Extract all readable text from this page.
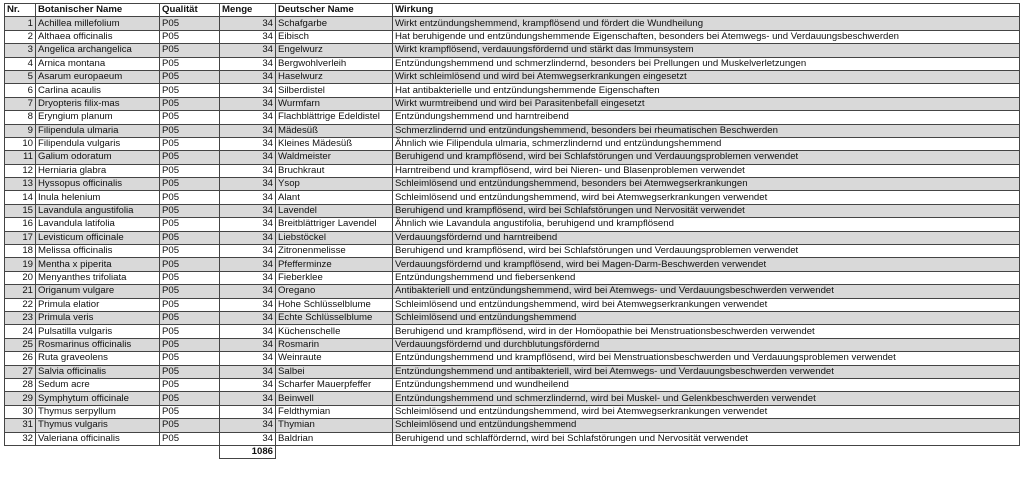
Nr.	Botanischer Name	Qualität	Menge	Deutscher Name	Wirkung
1	Achillea millefolium	P05	34	Schafgarbe	Wirkt entzündungshemmend, krampflösend und fördert die Wundheilung
2	Althaea officinalis	P05	34	Eibisch	Hat beruhigende und entzündungshemmende Eigenschaften, besonders bei Atemwegs- und Verdauungsbeschwerden
3	Angelica archangelica	P05	34	Engelwurz	Wirkt krampflösend, verdauungsfördernd und stärkt das Immunsystem
4	Arnica montana	P05	34	Bergwohlverleih	Entzündungshemmend und schmerzlindernd, besonders bei Prellungen und Muskelverletzungen
5	Asarum europaeum	P05	34	Haselwurz	Wirkt schleimlösend und wird bei Atemwegserkrankungen eingesetzt
6	Carlina acaulis	P05	34	Silberdistel	Hat antibakterielle und entzündungshemmende Eigenschaften
7	Dryopteris filix-mas	P05	34	Wurmfarn	Wirkt wurmtreibend und wird bei Parasitenbefall eingesetzt
8	Eryngium planum	P05	34	Flachblättrige Edeldistel	Entzündungshemmend und harntreibend
9	Filipendula ulmaria	P05	34	Mädesüß	Schmerzlindernd und entzündungshemmend, besonders bei rheumatischen Beschwerden
10	Filipendula vulgaris	P05	34	Kleines Mädesüß	Ähnlich wie Filipendula ulmaria, schmerzlindernd und entzündungshemmend
11	Galium odoratum	P05	34	Waldmeister	Beruhigend und krampflösend, wird bei Schlafstörungen und Verdauungsproblemen verwendet
12	Herniaria glabra	P05	34	Bruchkraut	Harntreibend und krampflösend, wird bei Nieren- und Blasenproblemen verwendet
13	Hyssopus officinalis	P05	34	Ysop	Schleimlösend und entzündungshemmend, besonders bei Atemwegserkrankungen
14	Inula helenium	P05	34	Alant	Schleimlösend und entzündungshemmend, wird bei Atemwegserkrankungen verwendet
15	Lavandula angustifolia	P05	34	Lavendel	Beruhigend und krampflösend, wird bei Schlafstörungen und Nervosität verwendet
16	Lavandula latifolia	P05	34	Breitblättriger Lavendel	Ähnlich wie Lavandula angustifolia, beruhigend und krampflösend
17	Levisticum officinale	P05	34	Liebstöckel	Verdauungsfördernd und harntreibend
18	Melissa officinalis	P05	34	Zitronenmelisse	Beruhigend und krampflösend, wird bei Schlafstörungen und Verdauungsproblemen verwendet
19	Mentha x piperita	P05	34	Pfefferminze	Verdauungsfördernd und krampflösend, wird bei Magen-Darm-Beschwerden verwendet
20	Menyanthes trifoliata	P05	34	Fieberklee	Entzündungshemmend und fiebersenkend
21	Origanum vulgare	P05	34	Oregano	Antibakteriell und entzündungshemmend, wird bei Atemwegs- und Verdauungsbeschwerden verwendet
22	Primula elatior	P05	34	Hohe Schlüsselblume	Schleimlösend und entzündungshemmend, wird bei Atemwegserkrankungen verwendet
23	Primula veris	P05	34	Echte Schlüsselblume	Schleimlösend und entzündungshemmend
24	Pulsatilla vulgaris	P05	34	Küchenschelle	Beruhigend und krampflösend, wird in der Homöopathie bei Menstruationsbeschwerden verwendet
25	Rosmarinus officinalis	P05	34	Rosmarin	Verdauungsfördernd und durchblutungsfördernd
26	Ruta graveolens	P05	34	Weinraute	Entzündungshemmend und krampflösend, wird bei Menstruationsbeschwerden und Verdauungsproblemen verwendet
27	Salvia officinalis	P05	34	Salbei	Entzündungshemmend und antibakteriell, wird bei Atemwegs- und Verdauungsbeschwerden verwendet
28	Sedum acre	P05	34	Scharfer Mauerpfeffer	Entzündungshemmend und wundheilend
29	Symphytum officinale	P05	34	Beinwell	Entzündungshemmend und schmerzlindernd, wird bei Muskel- und Gelenkbeschwerden verwendet
30	Thymus serpyllum	P05	34	Feldthymian	Schleimlösend und entzündungshemmend, wird bei Atemwegserkrankungen verwendet
31	Thymus vulgaris	P05	34	Thymian	Schleimlösend und entzündungshemmend
32	Valeriana officinalis	P05	34	Baldrian	Beruhigend und schlaffördernd, wird bei Schlafstörungen und Nervosität verwendet
			1086		
